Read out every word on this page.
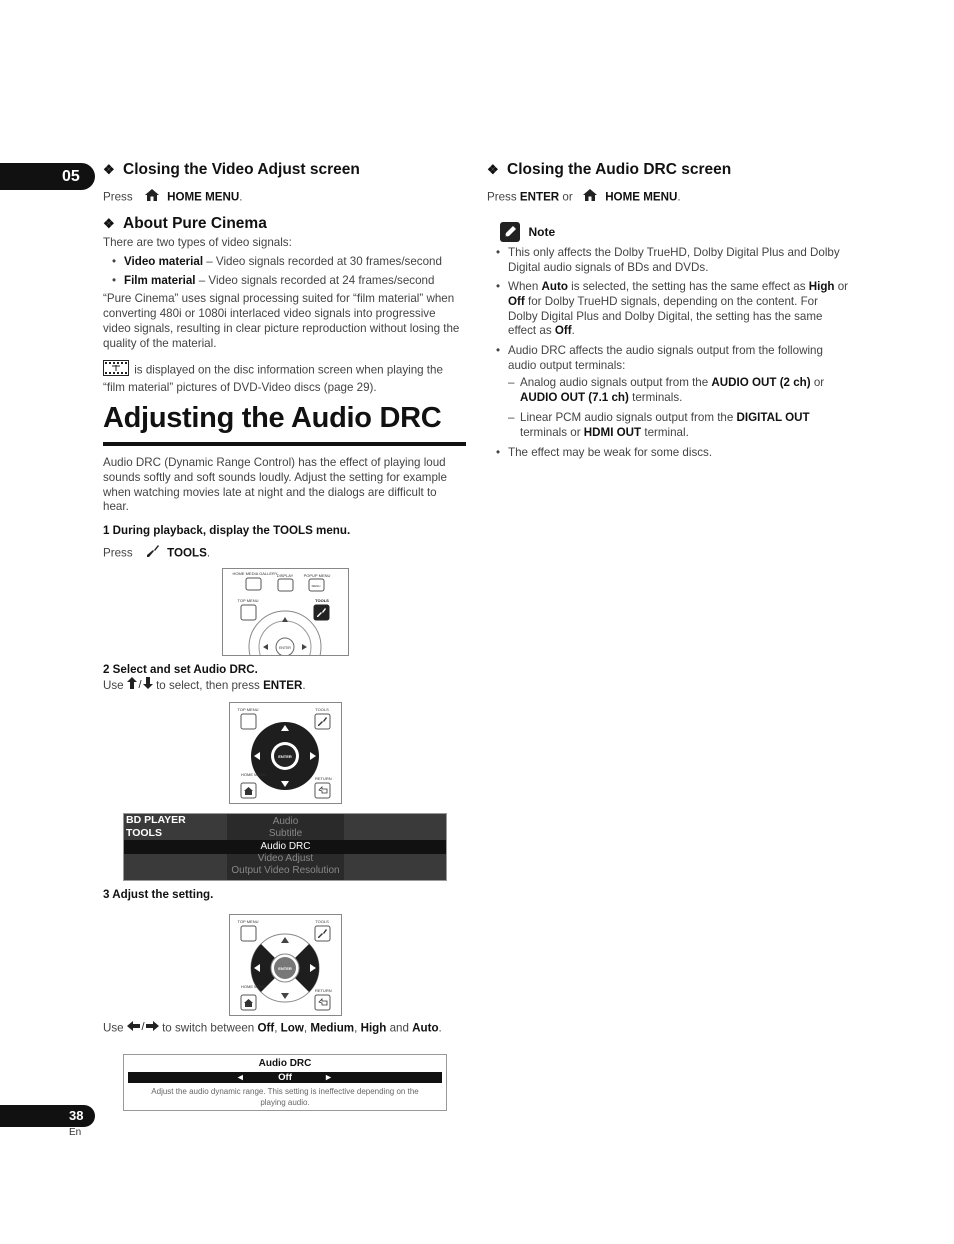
05 ❖ Closing the Video Adjust screen
Press	HOME MENU.
❖ About Pure Cinema
There are two types of video signals:
• Video material – Video signals recorded at 30 frames/second
• Film material – Video signals recorded at 24 frames/second
“Pure Cinema” uses signal processing suited for “film material” when converting 480i or 1080i interlaced video signals into progressive video signals, resulting in clear picture reproduction without losing the quality of the material.
is displayed on the disc information screen when playing the “film material” pictures of DVD-Video discs (page 29).
Adjusting the Audio DRC
Audio DRC (Dynamic Range Control) has the effect of playing loud sounds softly and soft sounds loudly. Adjust the setting for example when watching movies late at night and the dialogs are difficult to hear.
1 During playback, display the TOOLS menu.
Press	TOOLS.
HOME MEDIA GALLERY DISPLAY	POPUP MENU
MENU
TOP MENU	TOOLS
ENTER
2 Select and set Audio DRC.
Use / to select, then press ENTER.
TOP MENU	TOOLS
ENTER
HOME MENU
RETURN
BD PLAYER TOOLS
Audio
Subtitle
Audio DRC
Video Adjust
Output Video Resolution
3 Adjust the setting.
TOP MENU	TOOLS
ENTER
HOME MENU
RETURN
Use / to switch between Off, Low, Medium, High and Auto.
Audio DRC
◂	Off	▸
Adjust the audio dynamic range. This setting is ineffective depending on the playing audio.
❖ Closing the Audio DRC screen
Press ENTER or	HOME MENU.
Note
• This only affects the Dolby TrueHD, Dolby Digital Plus and Dolby Digital audio signals of BDs and DVDs.
• When Auto is selected, the setting has the same effect as High or Off for Dolby TrueHD signals, depending on the content. For Dolby Digital Plus and Dolby Digital, the setting has the same effect as Off.
• Audio DRC affects the audio signals output from the following audio output terminals:
– Analog audio signals output from the AUDIO OUT (2 ch) or AUDIO OUT (7.1 ch) terminals.
– Linear PCM audio signals output from the DIGITAL OUT terminals or HDMI OUT terminal.
• The effect may be weak for some discs.
38
En
